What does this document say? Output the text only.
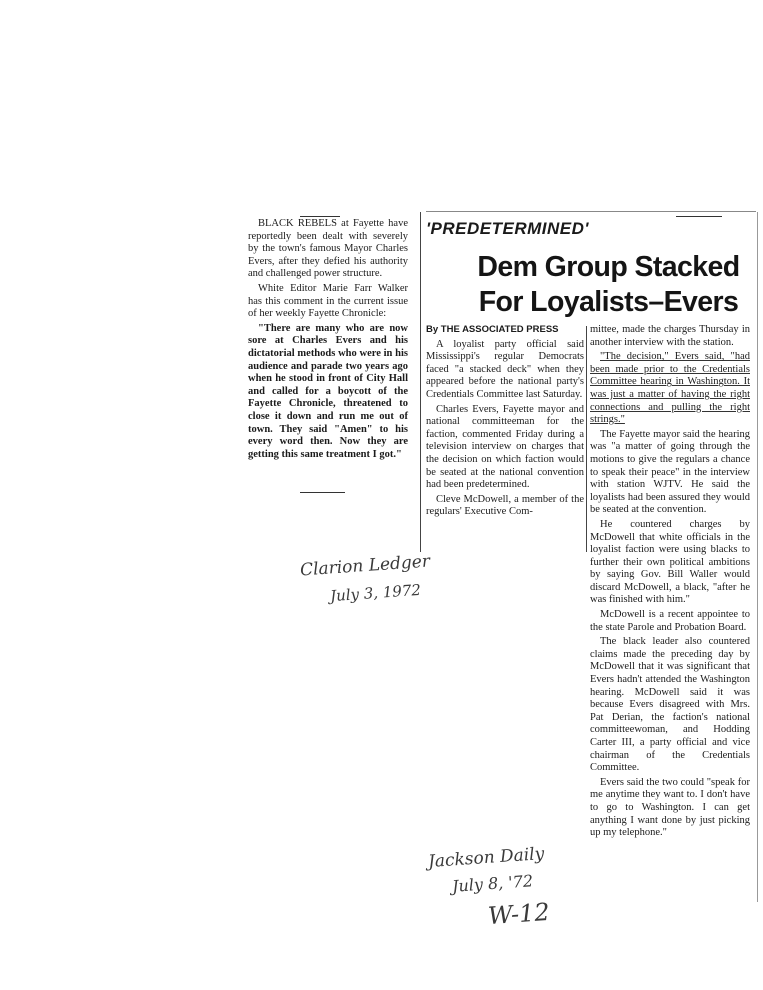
BLACK REBELS at Fayette have reportedly been dealt with severely by the town's famous Mayor Charles Evers, after they defied his authority and challenged power structure.

White Editor Marie Farr Walker has this comment in the current issue of her weekly Fayette Chronicle:

"There are many who are now sore at Charles Evers and his dictatorial methods who were in his audience and parade two years ago when he stood in front of City Hall and called for a boycott of the Fayette Chronicle, threatened to close it down and run me out of town. They said "Amen" to his every word then. Now they are getting this same treatment I got."

'PREDETERMINED'
Dem Group Stacked
For Loyalists–Evers

By THE ASSOCIATED PRESS

A loyalist party official said Mississippi's regular Democrats faced "a stacked deck" when they appeared before the national party's Credentials Committee last Saturday.

Charles Evers, Fayette mayor and national committeeman for the faction, commented Friday during a television interview on charges that the decision on which faction would be seated at the national convention had been predetermined.

Cleve McDowell, a member of the regulars' Executive Com-

mittee, made the charges Thursday in another interview with the station.

"The decision," Evers said, "had been made prior to the Credentials Committee hearing in Washington. It was just a matter of having the right connections and pulling the right strings."

The Fayette mayor said the hearing was "a matter of going through the motions to give the regulars a chance to speak their peace" in the interview with station WJTV. He said the loyalists had been assured they would be seated at the convention.

He countered charges by McDowell that white officials in the loyalist faction were using blacks to further their own political ambitions by saying Gov. Bill Waller would discard McDowell, a black, "after he was finished with him."

McDowell is a recent appointee to the state Parole and Probation Board.

The black leader also countered claims made the preceding day by McDowell that it was significant that Evers hadn't attended the Washington hearing. McDowell said it was because Evers disagreed with Mrs. Pat Derian, the faction's national committeewoman, and Hodding Carter III, a party official and vice chairman of the Credentials Committee.

Evers said the two could "speak for me anytime they want to. I don't have to go to Washington. I can get anything I want done by just picking up my telephone."

Clarion Ledger
July 3, 1972
Jackson Daily
July 8, '72
W-12
